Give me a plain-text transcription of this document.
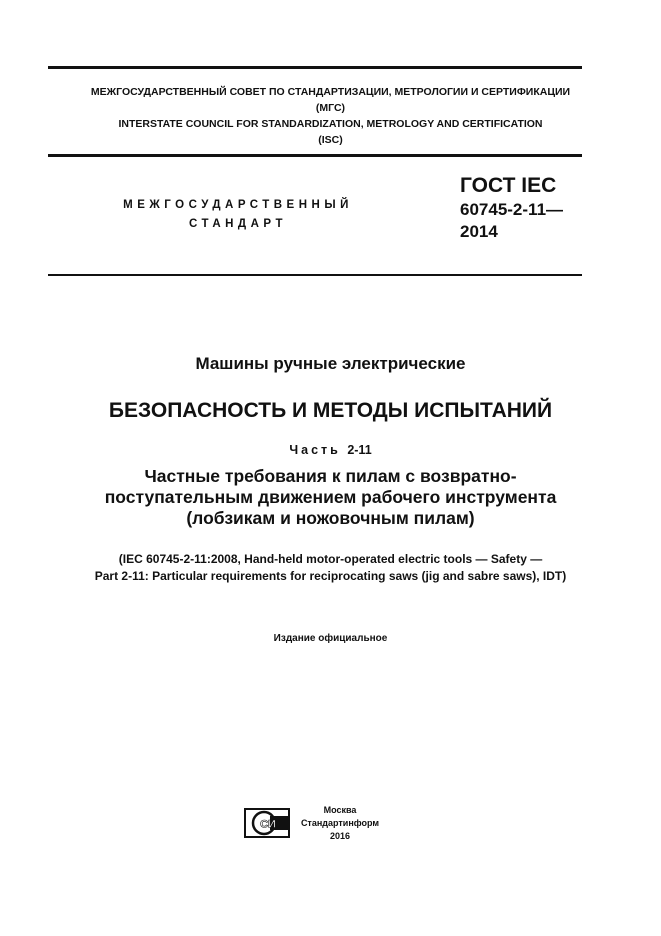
МЕЖГОСУДАРСТВЕННЫЙ СОВЕТ ПО СТАНДАРТИЗАЦИИ, МЕТРОЛОГИИ И СЕРТИФИКАЦИИ
(МГС)
INTERSTATE COUNCIL FOR STANDARDIZATION, METROLOGY AND CERTIFICATION
(ISC)
МЕЖГОСУДАРСТВЕННЫЙ
СТАНДАРТ
ГОСТ IEC
60745-2-11—
2014
Машины ручные электрические
БЕЗОПАСНОСТЬ И МЕТОДЫ ИСПЫТАНИЙ
Часть 2-11
Частные требования к пилам с возвратно-
поступательным движением рабочего инструмента
(лобзикам и ножовочным пилам)
(IEC 60745-2-11:2008, Hand-held motor-operated electric tools — Safety —
Part 2-11: Particular requirements for reciprocating saws (jig and sabre saws), IDT)
Издание официальное
СИ
Москва
Стандартинформ
2016
